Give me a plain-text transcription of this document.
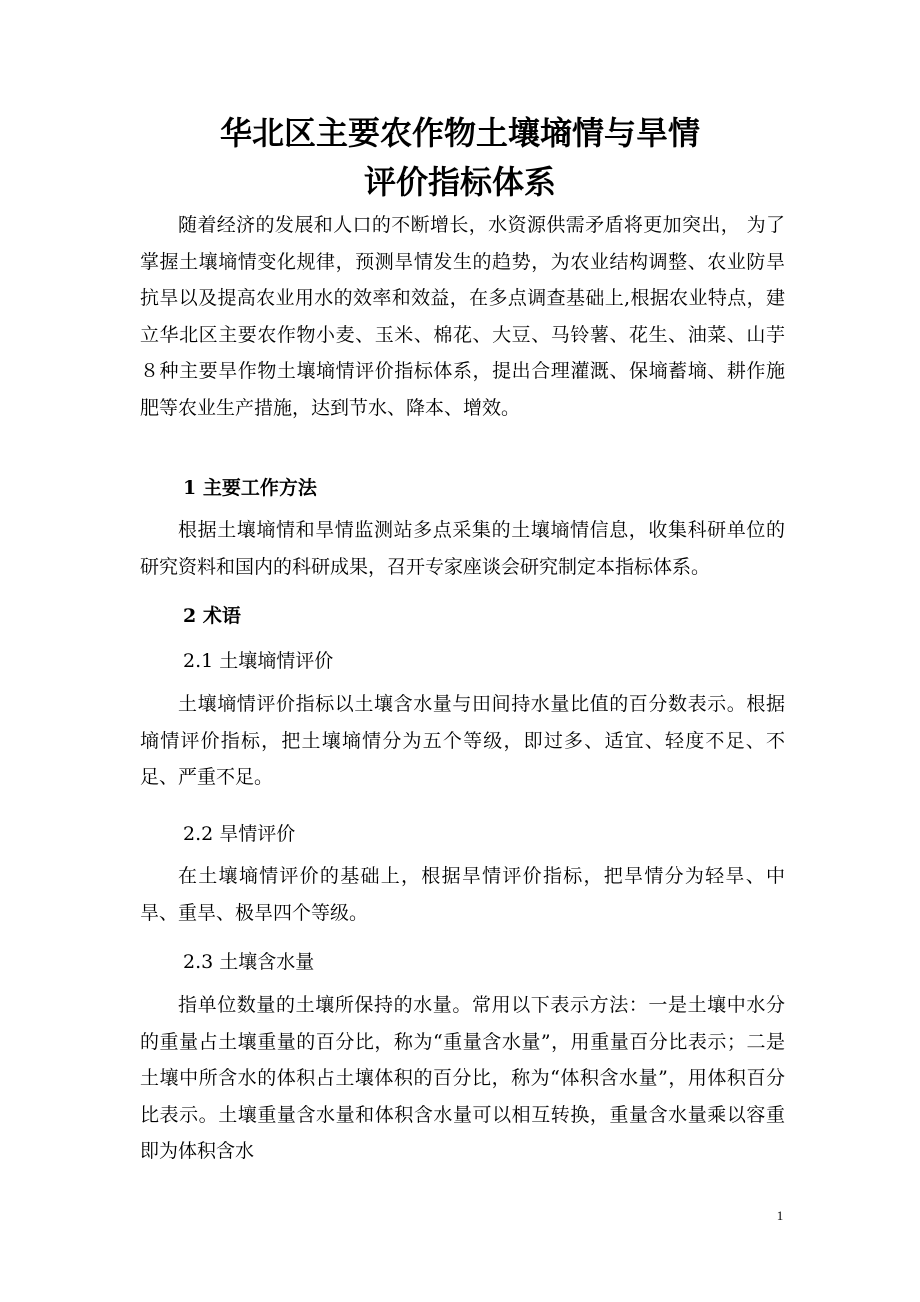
华北区主要农作物土壤墒情与旱情
评价指标体系

随着经济的发展和人口的不断增长，水资源供需矛盾将更加突出， 为了掌握土壤墒情变化规律，预测旱情发生的趋势，为农业结构调整、农业防旱抗旱以及提高农业用水的效率和效益，在多点调查基础上,根据农业特点，建立华北区主要农作物小麦、玉米、棉花、大豆、马铃薯、花生、油菜、山芋８种主要旱作物土壤墒情评价指标体系，提出合理灌溉、保墒蓄墒、耕作施肥等农业生产措施，达到节水、降本、增效。

1 主要工作方法

根据土壤墒情和旱情监测站多点采集的土壤墒情信息，收集科研单位的研究资料和国内的科研成果，召开专家座谈会研究制定本指标体系。

2 术语
2.1 土壤墒情评价

土壤墒情评价指标以土壤含水量与田间持水量比值的百分数表示。根据墒情评价指标，把土壤墒情分为五个等级，即过多、适宜、轻度不足、不足、严重不足。

2.2 旱情评价

在土壤墒情评价的基础上，根据旱情评价指标，把旱情分为轻旱、中旱、重旱、极旱四个等级。

2.3 土壤含水量

指单位数量的土壤所保持的水量。常用以下表示方法：一是土壤中水分的重量占土壤重量的百分比，称为“重量含水量”，用重量百分比表示；二是土壤中所含水的体积占土壤体积的百分比，称为“体积含水量”，用体积百分比表示。土壤重量含水量和体积含水量可以相互转换，重量含水量乘以容重即为体积含水

1
